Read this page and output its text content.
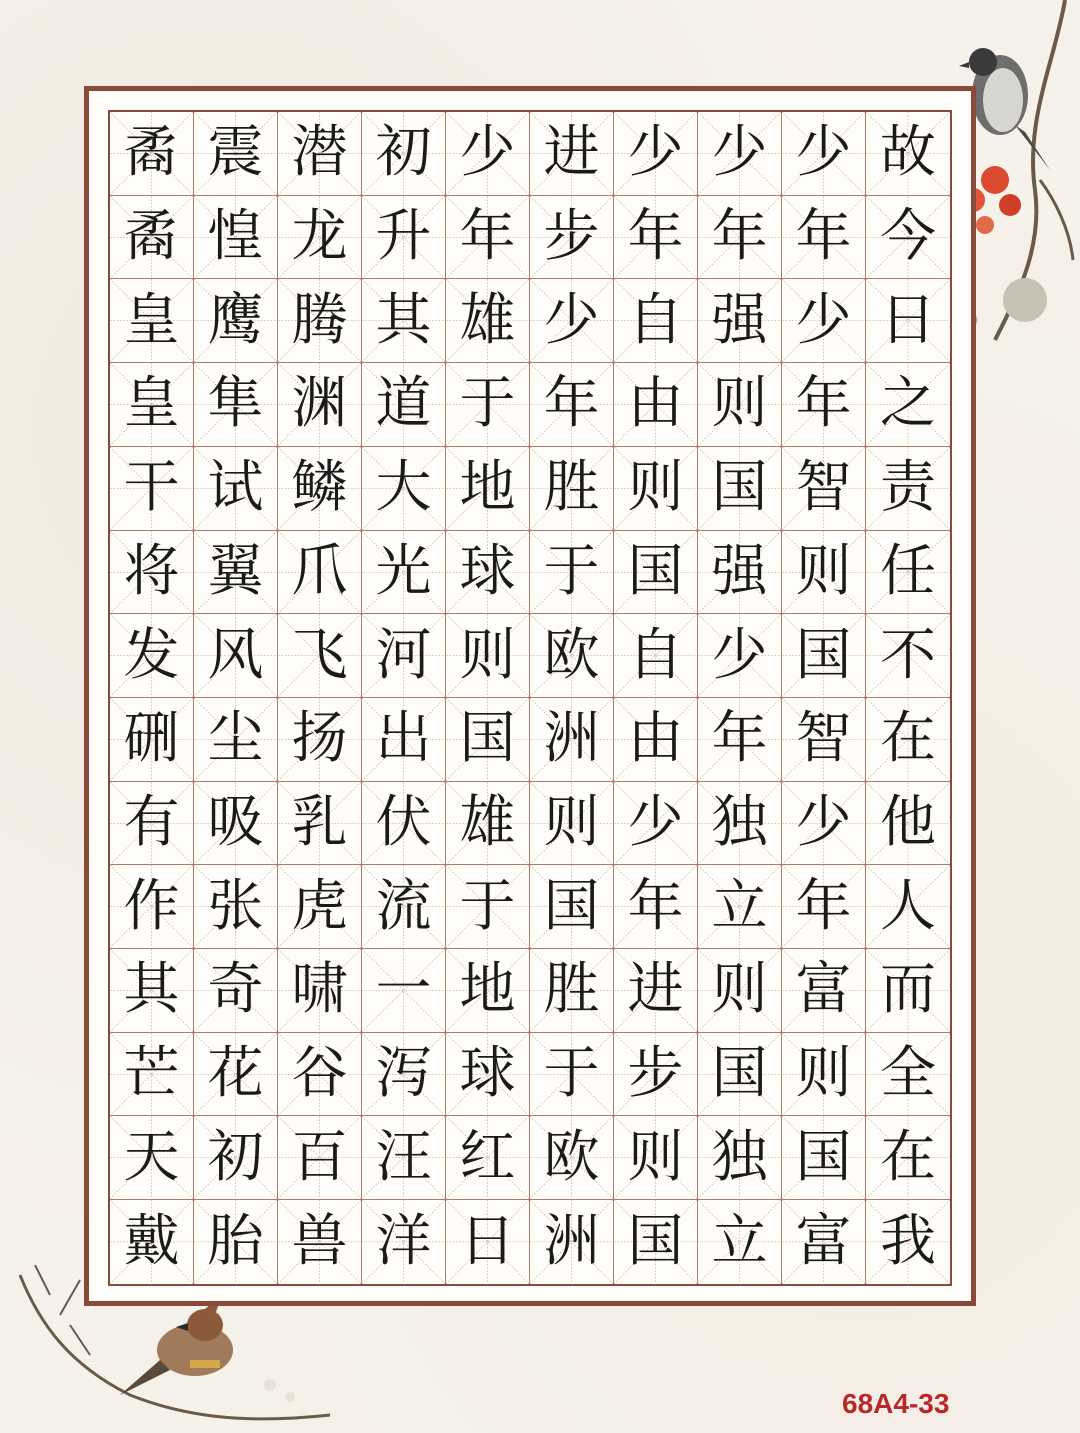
矞 震 潜 初 少 进 少 少 少 故
矞 惶 龙 升 年 步 年 年 年 今
皇 鹰 腾 其 雄 少 自 强 少 日
皇 隼 渊 道 于 年 由 则 年 之
干 试 鳞 大 地 胜 则 国 智 责
将 翼 爪 光 球 于 国 强 则 任
发 风 飞 河 则 欧 自 少 国 不
硎 尘 扬 出 国 洲 由 年 智 在
有 吸 乳 伏 雄 则 少 独 少 他
作 张 虎 流 于 国 年 立 年 人
其 奇 啸 一 地 胜 进 则 富 而
芒 花 谷 泻 球 于 步 国 则 全
天 初 百 汪 红 欧 则 独 国 在
戴 胎 兽 洋 日 洲 国 立 富 我
68A4-33
